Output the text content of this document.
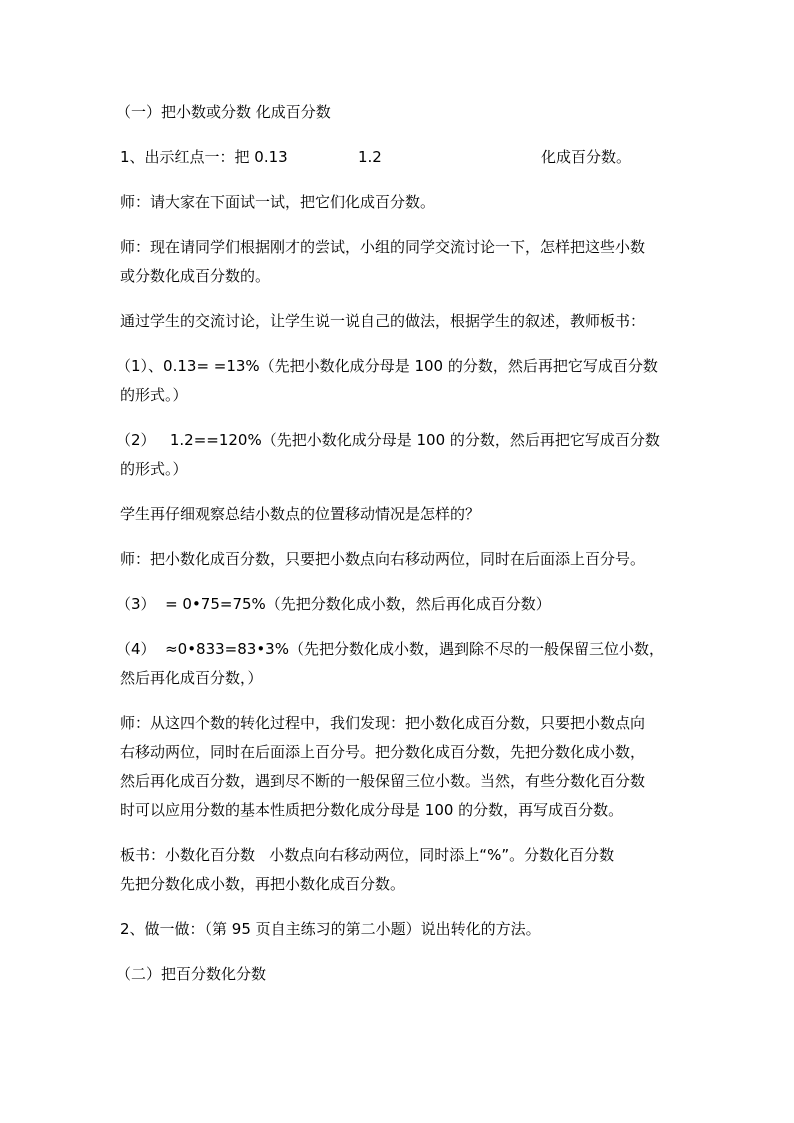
（一）把小数或分数 化成百分数
1、出示红点一：把 0.13	1.2	化成百分数。
师：请大家在下面试一试，把它们化成百分数。
师：现在请同学们根据刚才的尝试，小组的同学交流讨论一下，怎样把这些小数
或分数化成百分数的。
通过学生的交流讨论，让学生说一说自己的做法，根据学生的叙述，教师板书：
（1）、0.13= =13%（先把小数化成分母是 100 的分数，然后再把它写成百分数
的形式。）
（2）   1.2==120%（先把小数化成分母是 100 的分数，然后再把它写成百分数
的形式。）
学生再仔细观察总结小数点的位置移动情况是怎样的？
师：把小数化成百分数，只要把小数点向右移动两位，同时在后面添上百分号。
（3）  = 0•75=75%（先把分数化成小数，然后再化成百分数）
（4）  ≈0•833=83•3%（先把分数化成小数，遇到除不尽的一般保留三位小数，
然后再化成百分数，）
师：从这四个数的转化过程中，我们发现：把小数化成百分数，只要把小数点向
右移动两位，同时在后面添上百分号。把分数化成百分数，先把分数化成小数，
然后再化成百分数，遇到尽不断的一般保留三位小数。当然，有些分数化百分数
时可以应用分数的基本性质把分数化成分母是 100 的分数，再写成百分数。
板书：小数化百分数   小数点向右移动两位，同时添上“%”。分数化百分数
先把分数化成小数，再把小数化成百分数。
2、做一做：（第 95 页自主练习的第二小题）说出转化的方法。
（二）把百分数化分数
